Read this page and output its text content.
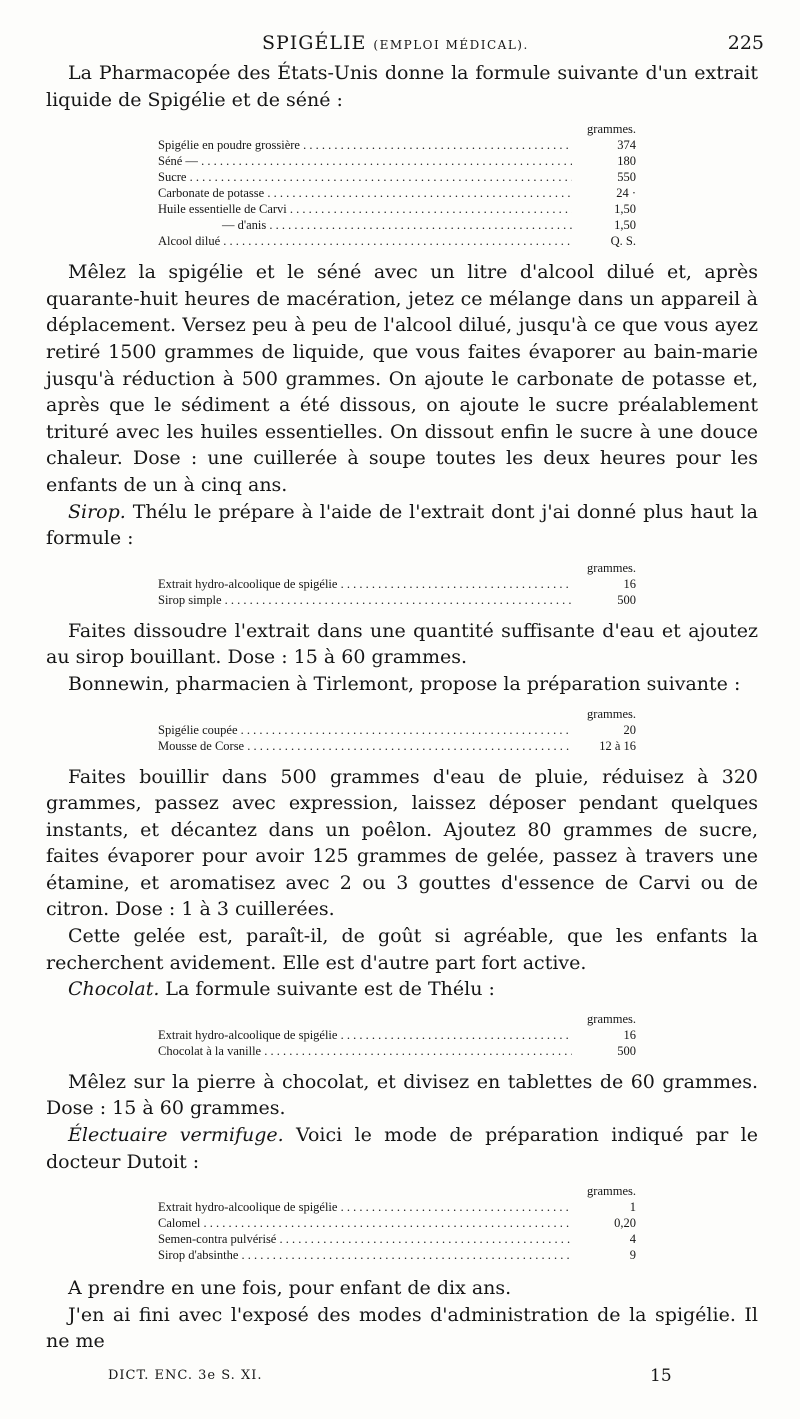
SPIGÉLIE (EMPLOI MÉDICAL).	225

La Pharmacopée des États-Unis donne la formule suivante d'un extrait liquide de Spigélie et de séné :

grammes.
Spigélie en poudre grossière . . .	374
Séné — . . .	180
Sucre . . .	550
Carbonate de potasse . . .	24 ·
Huile essentielle de Carvi . . .	1,50
— d'anis . . .	1,50
Alcool dilué . . .	Q. S.

Mêlez la spigélie et le séné avec un litre d'alcool dilué et, après quarante-huit heures de macération, jetez ce mélange dans un appareil à déplacement. Versez peu à peu de l'alcool dilué, jusqu'à ce que vous ayez retiré 1500 grammes de liquide, que vous faites évaporer au bain-marie jusqu'à réduction à 500 grammes. On ajoute le carbonate de potasse et, après que le sédiment a été dissous, on ajoute le sucre préalablement trituré avec les huiles essentielles. On dissout enfin le sucre à une douce chaleur. Dose : une cuillerée à soupe toutes les deux heures pour les enfants de un à cinq ans.

Sirop. Thélu le prépare à l'aide de l'extrait dont j'ai donné plus haut la formule :

grammes.
Extrait hydro-alcoolique de spigélie . . .	16
Sirop simple . . .	500

Faites dissoudre l'extrait dans une quantité suffisante d'eau et ajoutez au sirop bouillant. Dose : 15 à 60 grammes.

Bonnewin, pharmacien à Tirlemont, propose la préparation suivante :

grammes.
Spigélie coupée . . .	20
Mousse de Corse . . .	12 à 16

Faites bouillir dans 500 grammes d'eau de pluie, réduisez à 320 grammes, passez avec expression, laissez déposer pendant quelques instants, et décantez dans un poêlon. Ajoutez 80 grammes de sucre, faites évaporer pour avoir 125 grammes de gelée, passez à travers une étamine, et aromatisez avec 2 ou 3 gouttes d'essence de Carvi ou de citron. Dose : 1 à 3 cuillerées.

Cette gelée est, paraît-il, de goût si agréable, que les enfants la recherchent avidement. Elle est d'autre part fort active.

Chocolat. La formule suivante est de Thélu :

grammes.
Extrait hydro-alcoolique de spigélie . . .	16
Chocolat à la vanille . . .	500

Mêlez sur la pierre à chocolat, et divisez en tablettes de 60 grammes. Dose : 15 à 60 grammes.

Électuaire vermifuge. Voici le mode de préparation indiqué par le docteur Dutoit :

grammes.
Extrait hydro-alcoolique de spigélie . . .	1
Calomel . . .	0,20
Semen-contra pulvérisé . . .	4
Sirop d'absinthe . . .	9

A prendre en une fois, pour enfant de dix ans.

J'en ai fini avec l'exposé des modes d'administration de la spigélie. Il ne me

DICT. ENC. 3e S. XI.	15
